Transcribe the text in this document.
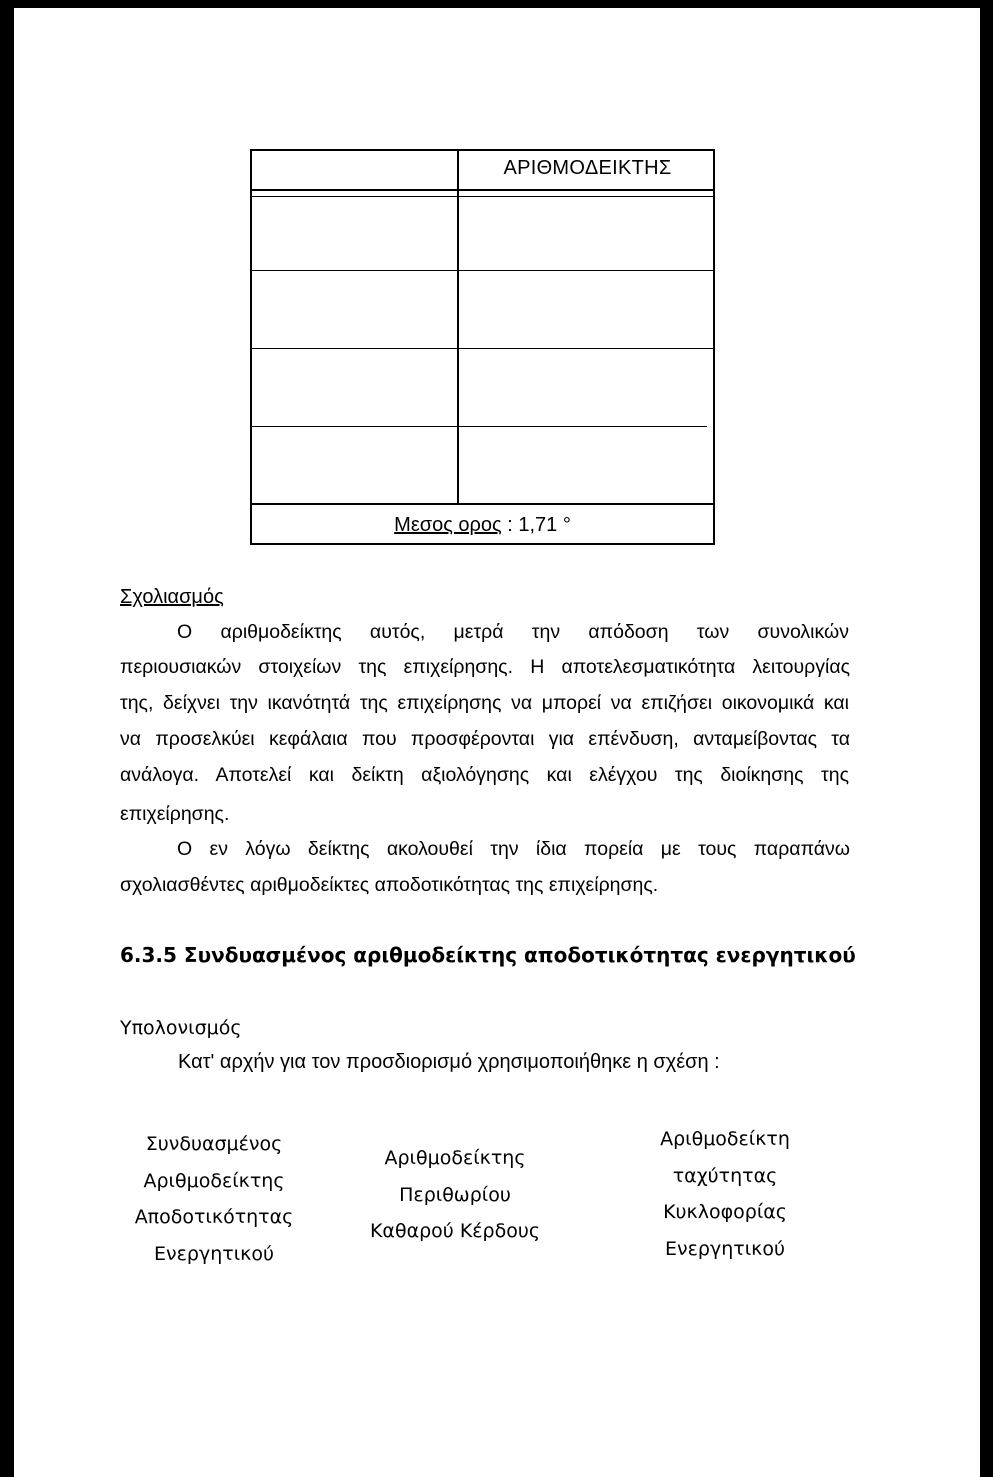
ΑΡΙΘΜΟΔΕΙΚΤΗΣ
Μεσος ορος : 1,71 °
Σχολιασμός
Ο αριθμοδείκτης αυτός, μετρά την απόδοση των συνολικών
περιουσιακών στοιχείων της επιχείρησης. Η αποτελεσματικότητα λειτουργίας
της, δείχνει την ικανότητά της επιχείρησης να μπορεί να επιζήσει οικονομικά και
να προσελκύει κεφάλαια που προσφέρονται για επένδυση, ανταμείβοντας τα
ανάλογα. Αποτελεί και δείκτη αξιολόγησης και ελέγχου της διοίκησης της
επιχείρησης.
Ο εν λόγω δείκτης ακολουθεί την ίδια πορεία με τους παραπάνω
σχολιασθέντες αριθμοδείκτες αποδοτικότητας της επιχείρησης.
6.3.5 Συνδυασμένος αριθμοδείκτης αποδοτικότητας ενεργητικού
Υπολονισμός
Κατ' αρχήν για τον προσδιορισμό χρησιμοποιήθηκε η σχέση :
Συνδυασμένος
Αριθμοδείκτης
Αποδοτικότητας
Ενεργητικού
Αριθμοδείκτης
Περιθωρίου
Καθαρού Κέρδους
Αριθμοδείκτη
ταχύτητας
Κυκλοφορίας
Ενεργητικού
